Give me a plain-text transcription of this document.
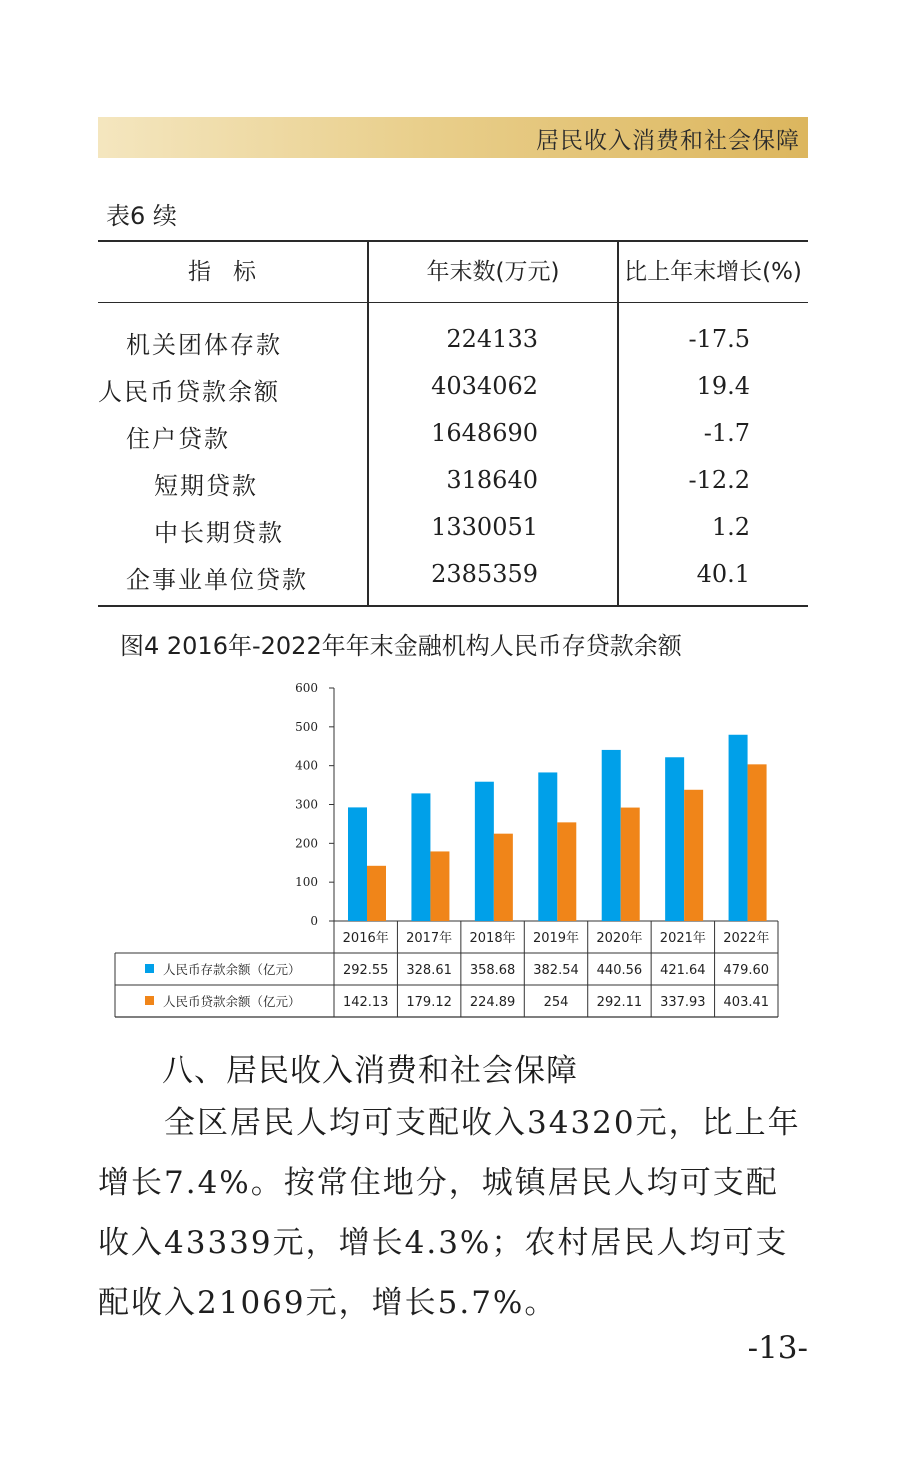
居民收入消费和社会保障
表6 续
指标	年末数(万元)	比上年末增长(%)
机关团体存款	224133	-17.5
人民币贷款余额	4034062	19.4
住户贷款	1648690	-1.7
短期贷款	318640	-12.2
中长期贷款	1330051	1.2
企事业单位贷款	2385359	40.1
图4 2016年-2022年年末金融机构人民币存贷款余额
0
100
200
300
400
500
600
2016年 2017年 2018年 2019年 2020年 2021年 2022年
人民币存款余额（亿元）	292.55 328.61 358.68 382.54 440.56 421.64 479.60
人民币贷款余额（亿元）	142.13 179.12 224.89 254 292.11 337.93 403.41
八、居民收入消费和社会保障
　　全区居民人均可支配收入34320元，比上年
增长7.4%。按常住地分，城镇居民人均可支配
收入43339元，增长4.3%；农村居民人均可支
配收入21069元，增长5.7%。
-13-
